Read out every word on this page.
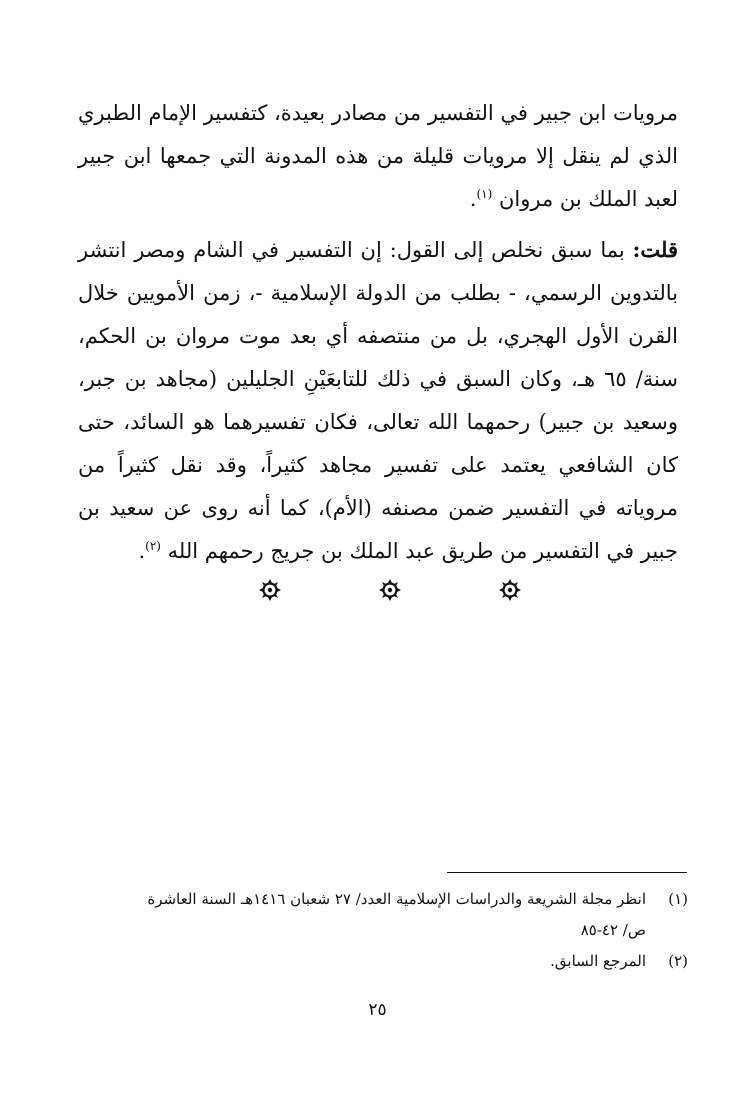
مرويات ابن جبير في التفسير من مصادر بعيدة، كتفسير الإمام الطبري الذي لم ينقل إلا مرويات قليلة من هذه المدونة التي جمعها ابن جبير لعبد الملك بن مروان $^{(١)}$.

قلت: بما سبق نخلص إلى القول: إن التفسير في الشام ومصر انتشر بالتدوين الرسمي، - بطلب من الدولة الإسلامية -، زمن الأمويين خلال القرن الأول الهجري، بل من منتصفه أي بعد موت مروان بن الحكم، سنة/ ٦٥ هـ، وكان السبق في ذلك للتابعَيْنِ الجليلين (مجاهد بن جبر، وسعيد بن جبير) رحمهما الله تعالى، فكان تفسيرهما هو السائد، حتى كان الشافعي يعتمد على تفسير مجاهد كثيراً، وقد نقل كثيراً من مروياته في التفسير ضمن مصنفه (الأم)، كما أنه روى عن سعيد بن جبير في التفسير من طريق عبد الملك بن جريج رحمهم الله $^{(٢)}$.

(١)
انظر مجلة الشريعة والدراسات الإسلامية العدد/ ٢٧ شعبان ١٤١٦هـ السنة العاشرة
ص/ ٤٢-٨٥
(٢)
المرجع السابق.
٢٥
